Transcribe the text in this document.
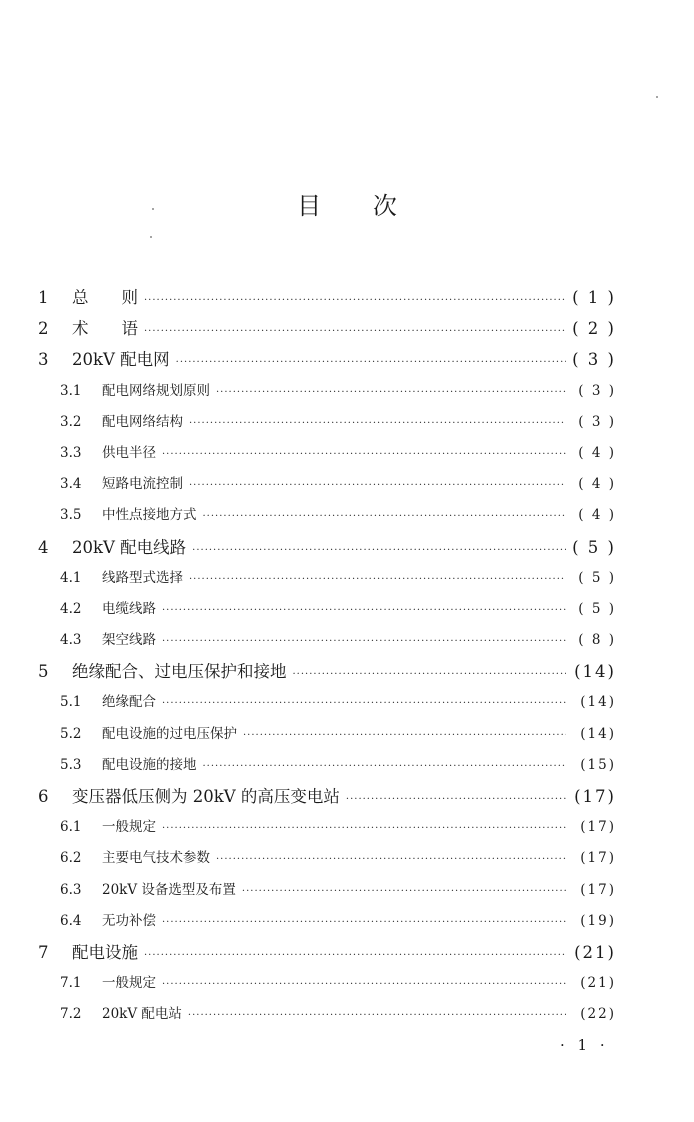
目 次
1	总　　则 ·····	( 1 )
2	术　　语 ·····	( 2 )
3	20kV 配电网 ·····	( 3 )
3.1	配电网络规划原则 ·····	( 3 )
3.2	配电网络结构 ·····	( 3 )
3.3	供电半径 ·····	( 4 )
3.4	短路电流控制 ·····	( 4 )
3.5	中性点接地方式 ·····	( 4 )
4	20kV 配电线路 ·····	( 5 )
4.1	线路型式选择 ·····	( 5 )
4.2	电缆线路 ·····	( 5 )
4.3	架空线路 ·····	( 8 )
5	绝缘配合、过电压保护和接地 ·····	(14)
5.1	绝缘配合 ·····	(14)
5.2	配电设施的过电压保护 ·····	(14)
5.3	配电设施的接地 ·····	(15)
6	变压器低压侧为 20kV 的高压变电站 ·····	(17)
6.1	一般规定 ·····	(17)
6.2	主要电气技术参数 ·····	(17)
6.3	20kV 设备选型及布置 ·····	(17)
6.4	无功补偿 ·····	(19)
7	配电设施 ·····	(21)
7.1	一般规定 ·····	(21)
7.2	20kV 配电站 ·····	(22)
· 1 ·
